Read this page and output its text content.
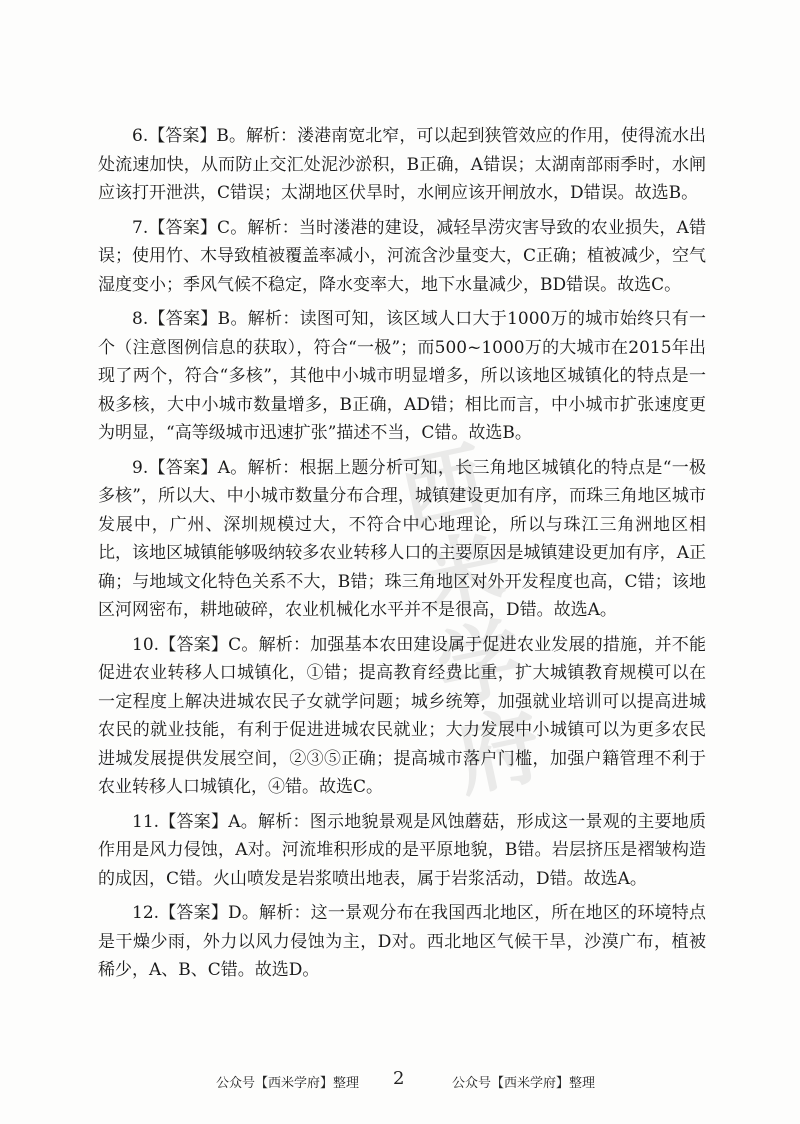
西米
学府

6.【答案】B。解析：溇港南宽北窄，可以起到狭管效应的作用，使得流水出处流速加快，从而防止交汇处泥沙淤积，B正确，A错误；太湖南部雨季时，水闸应该打开泄洪，C错误；太湖地区伏旱时，水闸应该开闸放水，D错误。故选B。

7.【答案】C。解析：当时溇港的建设，减轻旱涝灾害导致的农业损失，A错误；使用竹、木导致植被覆盖率减小，河流含沙量变大，C正确；植被减少，空气湿度变小；季风气候不稳定，降水变率大，地下水量减少，BD错误。故选C。

8.【答案】B。解析：读图可知，该区域人口大于1000万的城市始终只有一个（注意图例信息的获取），符合“一极”；而500~1000万的大城市在2015年出现了两个，符合“多核”，其他中小城市明显增多，所以该地区城镇化的特点是一极多核，大中小城市数量增多，B正确，AD错；相比而言，中小城市扩张速度更为明显，“高等级城市迅速扩张”描述不当，C错。故选B。

9.【答案】A。解析：根据上题分析可知，长三角地区城镇化的特点是“一极多核”，所以大、中小城市数量分布合理，城镇建设更加有序，而珠三角地区城市发展中，广州、深圳规模过大，不符合中心地理论，所以与珠江三角洲地区相比，该地区城镇能够吸纳较多农业转移人口的主要原因是城镇建设更加有序，A正确；与地域文化特色关系不大，B错；珠三角地区对外开发程度也高，C错；该地区河网密布，耕地破碎，农业机械化水平并不是很高，D错。故选A。

10.【答案】C。解析：加强基本农田建设属于促进农业发展的措施，并不能促进农业转移人口城镇化，①错；提高教育经费比重，扩大城镇教育规模可以在一定程度上解决进城农民子女就学问题；城乡统筹，加强就业培训可以提高进城农民的就业技能，有利于促进进城农民就业；大力发展中小城镇可以为更多农民进城发展提供发展空间，②③⑤正确；提高城市落户门槛，加强户籍管理不利于农业转移人口城镇化，④错。故选C。

11.【答案】A。解析：图示地貌景观是风蚀蘑菇，形成这一景观的主要地质作用是风力侵蚀，A对。河流堆积形成的是平原地貌，B错。岩层挤压是褶皱构造的成因，C错。火山喷发是岩浆喷出地表，属于岩浆活动，D错。故选A。

12.【答案】D。解析：这一景观分布在我国西北地区，所在地区的环境特点是干燥少雨，外力以风力侵蚀为主，D对。西北地区气候干旱，沙漠广布，植被稀少，A、B、C错。故选D。

公众号【西米学府】整理 2	公众号【西米学府】整理
